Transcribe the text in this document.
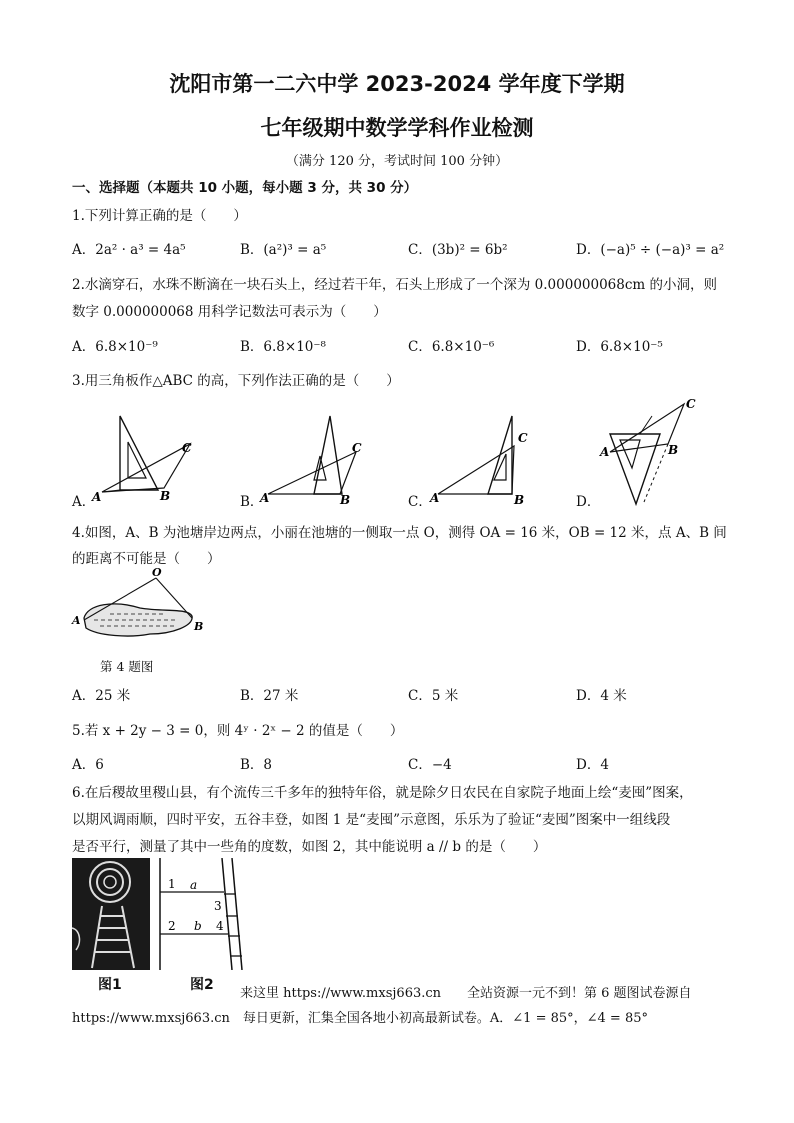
沈阳市第一二六中学 2023-2024 学年度下学期
七年级期中数学学科作业检测
（满分 120 分，考试时间 100 分钟）
一、选择题（本题共 10 小题，每小题 3 分，共 30 分）
1.下列计算正确的是（　　）
A．2a² · a³ = 4a⁵	B．(a²)³ = a⁵	C．(3b)² = 6b²	D．(−a)⁵ ÷ (−a)³ = a²
2.水滴穿石，水珠不断滴在一块石头上，经过若干年，石头上形成了一个深为 0.000000068cm 的小洞，则
数字 0.000000068 用科学记数法可表示为（　　）
A．6.8×10⁻⁹	B．6.8×10⁻⁸	C．6.8×10⁻⁶	D．6.8×10⁻⁵
3.用三角板作△ABC 的高，下列作法正确的是（　　）
A	B
C
A．	A	B
C
B．	A	B
C
C．
A	B
C
D．
4.如图，A、B 为池塘岸边两点，小丽在池塘的一侧取一点 O，测得 OA = 16 米，OB = 12 米，点 A、B 间
的距离不可能是（　　）
O
A	B
第 4 题图
A．25 米	B．27 米	C．5 米	D．4 米
5.若 x + 2y − 3 = 0，则 4ʸ · 2ˣ − 2 的值是（　　）
A．6	B．8	C．−4	D．4
6.在后稷故里稷山县，有个流传三千多年的独特年俗，就是除夕日农民在自家院子地面上绘“麦囤”图案，
以期风调雨顺，四时平安，五谷丰登，如图 1 是“麦囤”示意图，乐乐为了验证“麦囤”图案中一组线段
是否平行，测量了其中一些角的度数，如图 2，其中能说明 a // b 的是（　　）
图1
1 a
3
2 b 4
图2
来这里 https://www.mxsj663.cn　　全站资源一元不到！第 6 题图试卷源自
https://www.mxsj663.cn　每日更新，汇集全国各地小初高最新试卷。A．∠1 = 85°，∠4 = 85°
